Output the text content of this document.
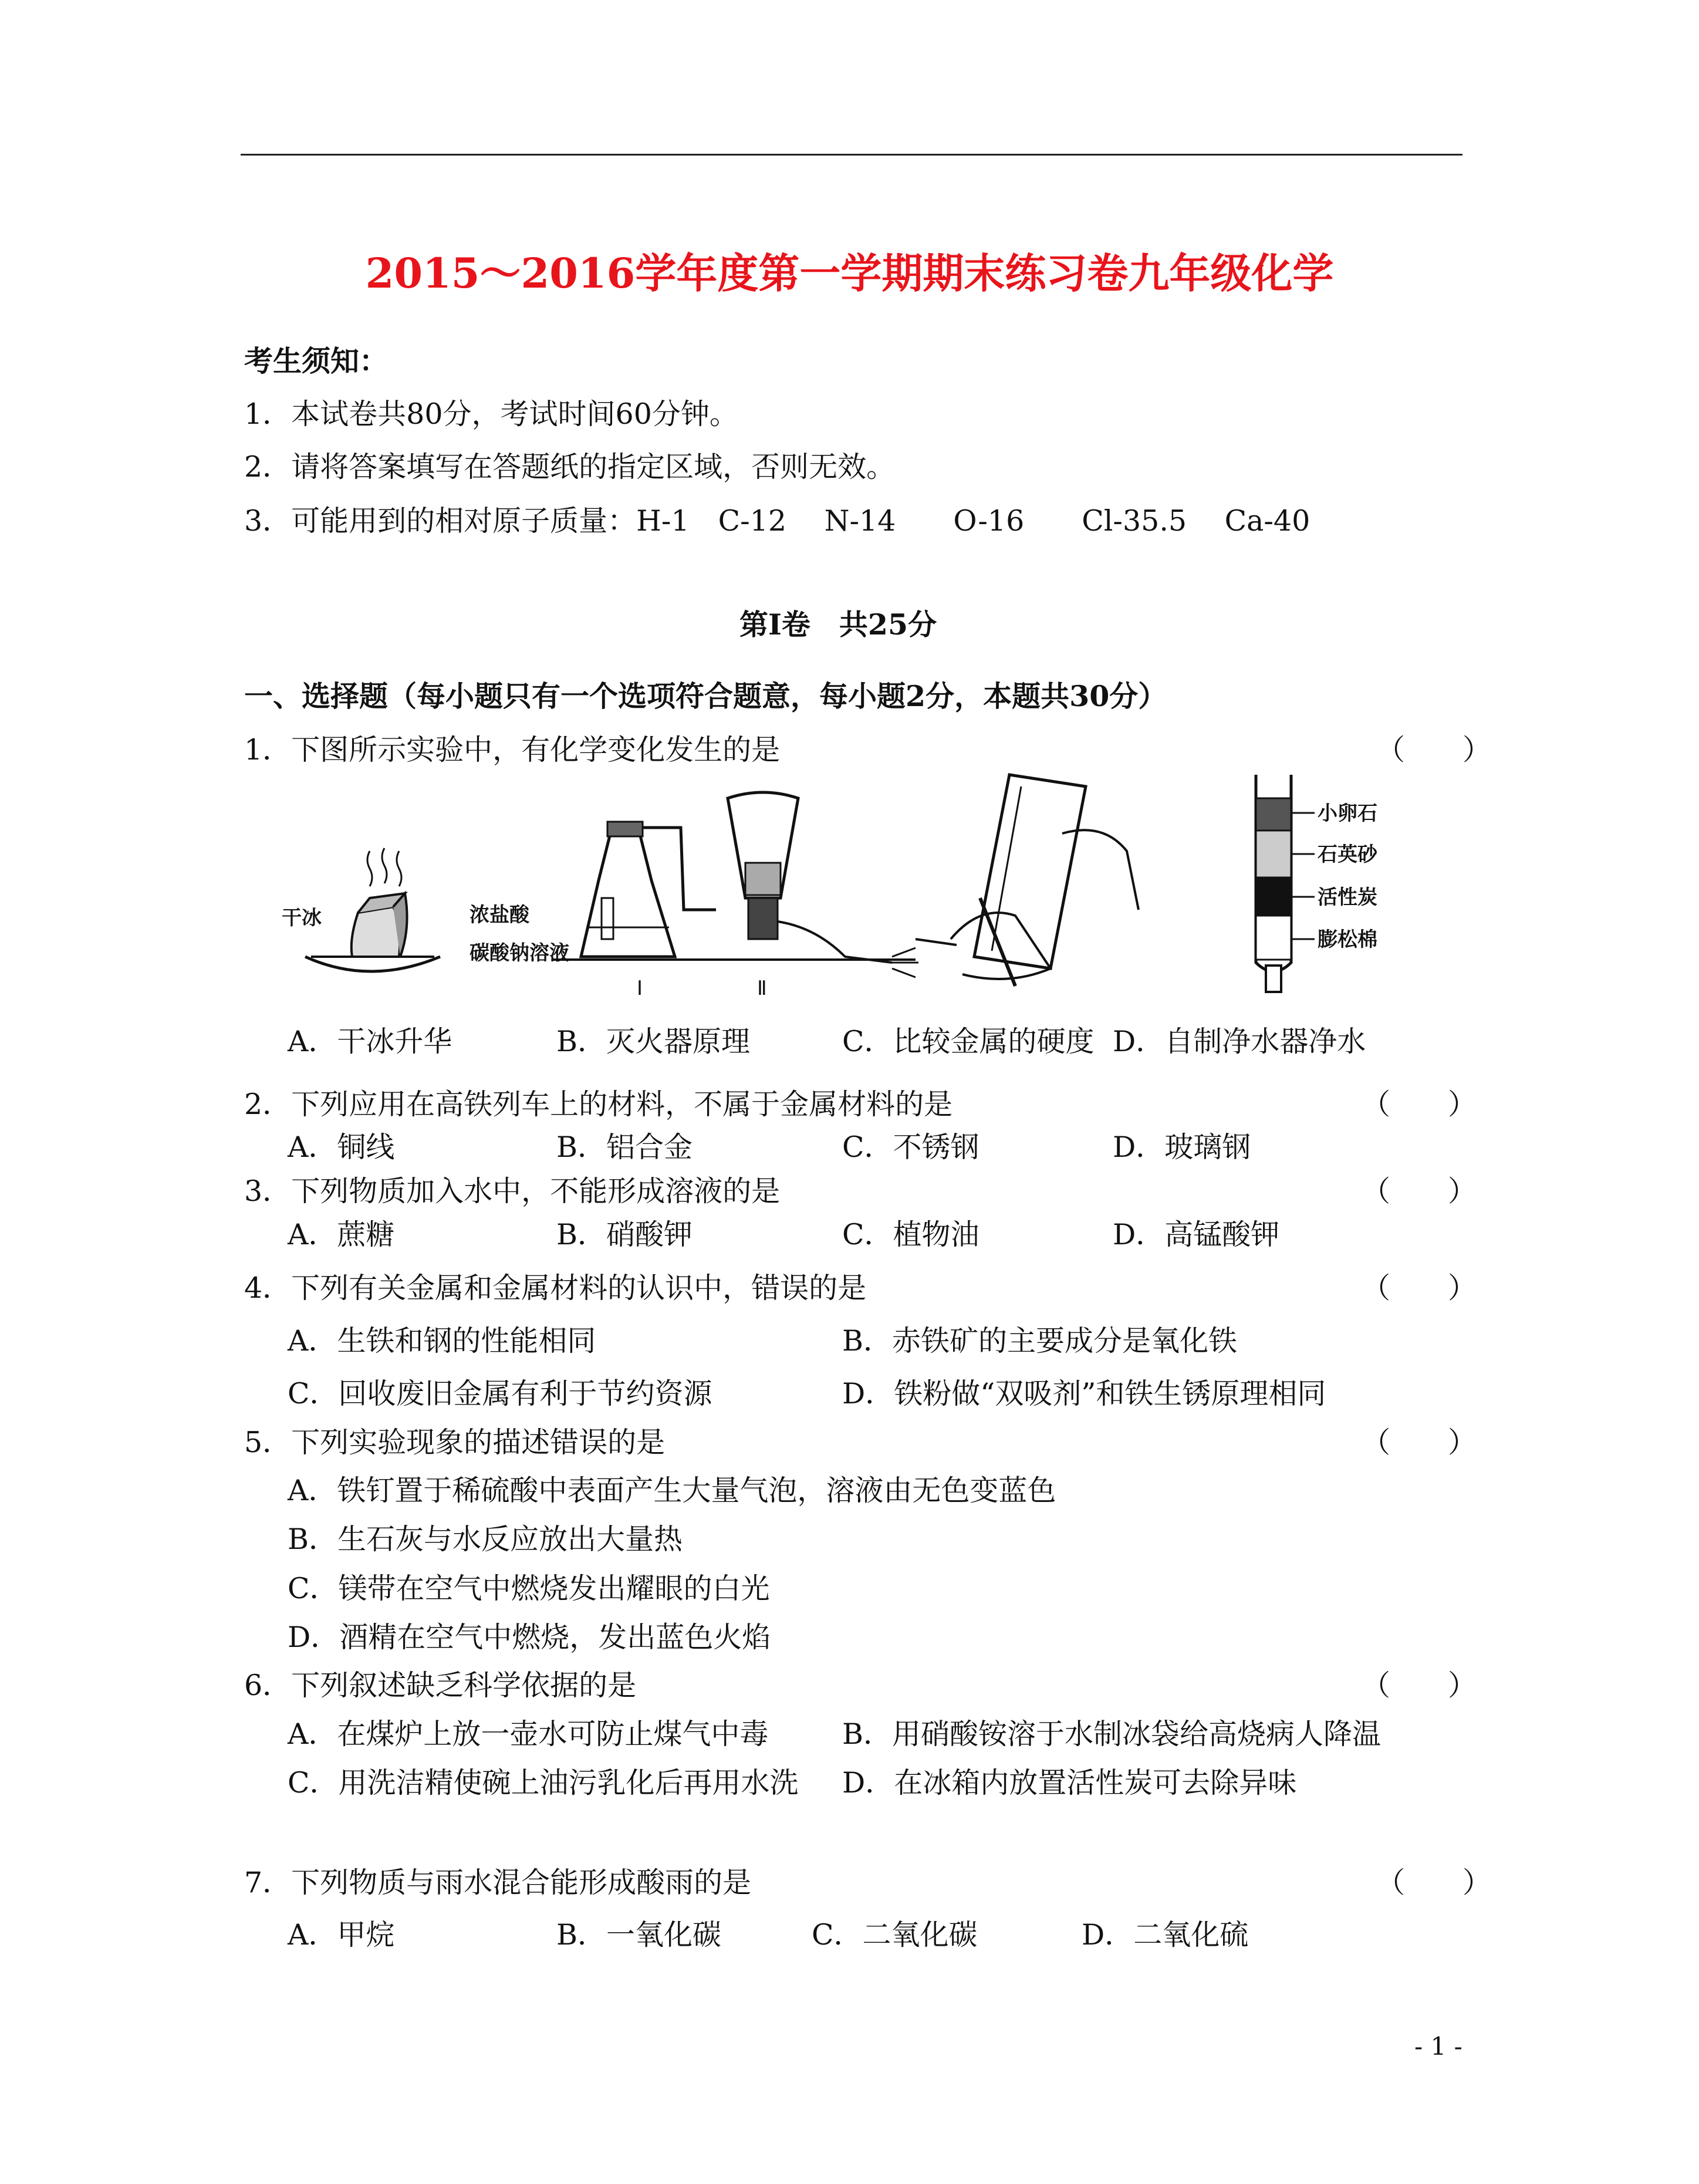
2015～2016学年度第一学期期末练习卷九年级化学
考生须知：
1．本试卷共80分，考试时间60分钟。
2．请将答案填写在答题纸的指定区域，否则无效。
3．可能用到的相对原子质量：H-1　C-12　 N-14　　O-16　　Cl-35.5　 Ca-40
第Ⅰ卷　共25分
一、选择题（每小题只有一个选项符合题意，每小题2分，本题共30分）
1．下图所示实验中，有化学变化发生的是	（　　）
干冰	浓盐酸
碳酸钠溶液
Ⅰ	Ⅱ
小卵石
石英砂
活性炭
膨松棉
A．干冰升华	B．灭火器原理	C．比较金属的硬度 D．自制净水器净水
2．下列应用在高铁列车上的材料，不属于金属材料的是	（　　）
A．铜线	B．铝合金	C．不锈钢	D．玻璃钢
3．下列物质加入水中，不能形成溶液的是	（　　）
A．蔗糖	B．硝酸钾	C．植物油	D．高锰酸钾
4．下列有关金属和金属材料的认识中，错误的是	（　　）
A．生铁和钢的性能相同	B．赤铁矿的主要成分是氧化铁
C．回收废旧金属有利于节约资源	D．铁粉做“双吸剂”和铁生锈原理相同
5．下列实验现象的描述错误的是	（　　）
A．铁钉置于稀硫酸中表面产生大量气泡，溶液由无色变蓝色
B．生石灰与水反应放出大量热
C．镁带在空气中燃烧发出耀眼的白光
D．酒精在空气中燃烧，发出蓝色火焰
6．下列叙述缺乏科学依据的是	（　　）
A．在煤炉上放一壶水可防止煤气中毒	B．用硝酸铵溶于水制冰袋给高烧病人降温
C．用洗洁精使碗上油污乳化后再用水洗 D．在冰箱内放置活性炭可去除异味
7．下列物质与雨水混合能形成酸雨的是	（　　）
A．甲烷	B．一氧化碳	C．二氧化碳	D．二氧化硫
- 1 -
